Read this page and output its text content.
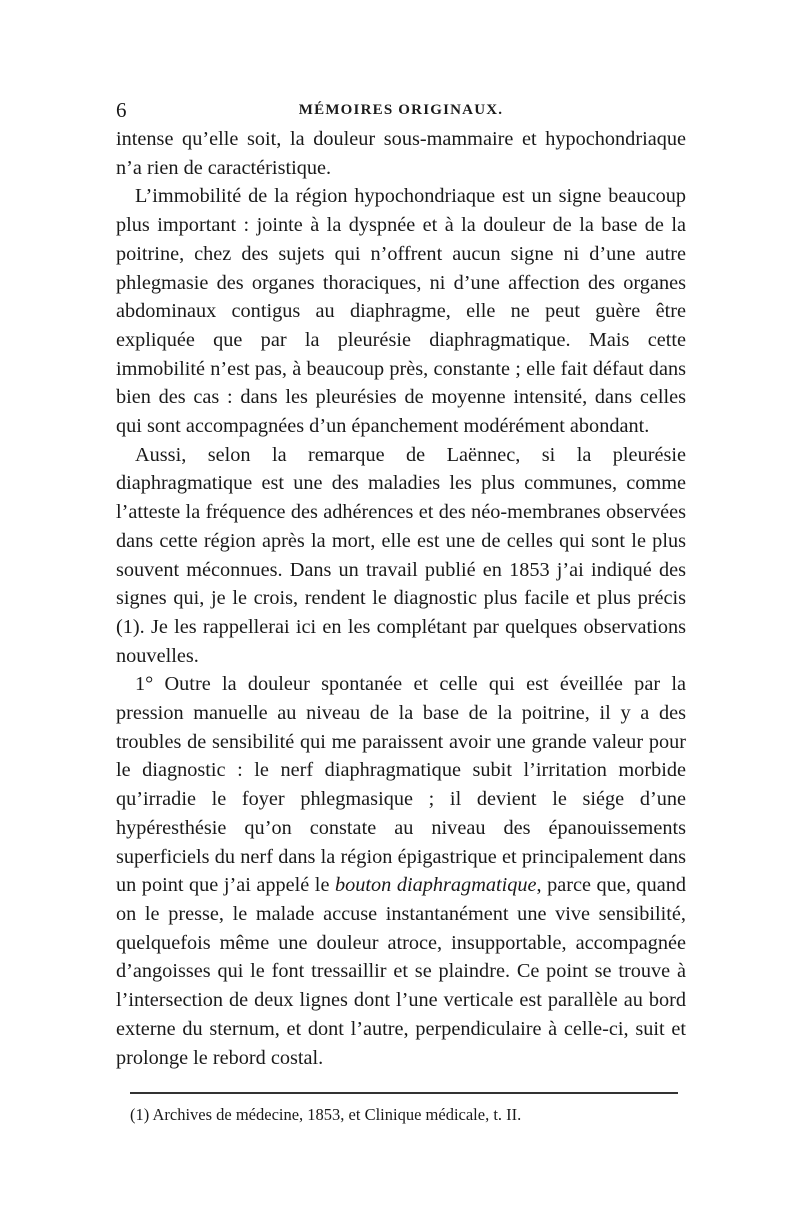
6	MÉMOIRES ORIGINAUX.

intense qu’elle soit, la douleur sous-mammaire et hypochondriaque n’a rien de caractéristique.

L’immobilité de la région hypochondriaque est un signe beaucoup plus important : jointe à la dyspnée et à la douleur de la base de la poitrine, chez des sujets qui n’offrent aucun signe ni d’une autre phlegmasie des organes thoraciques, ni d’une affection des organes abdominaux contigus au diaphragme, elle ne peut guère être expliquée que par la pleurésie diaphragmatique. Mais cette immobilité n’est pas, à beaucoup près, constante ; elle fait défaut dans bien des cas : dans les pleurésies de moyenne intensité, dans celles qui sont accompagnées d’un épanchement modérément abondant.

Aussi, selon la remarque de Laënnec, si la pleurésie diaphragmatique est une des maladies les plus communes, comme l’atteste la fréquence des adhérences et des néo-membranes observées dans cette région après la mort, elle est une de celles qui sont le plus souvent méconnues. Dans un travail publié en 1853 j’ai indiqué des signes qui, je le crois, rendent le diagnostic plus facile et plus précis (1). Je les rappellerai ici en les complétant par quelques observations nouvelles.

1° Outre la douleur spontanée et celle qui est éveillée par la pression manuelle au niveau de la base de la poitrine, il y a des troubles de sensibilité qui me paraissent avoir une grande valeur pour le diagnostic : le nerf diaphragmatique subit l’irritation morbide qu’irradie le foyer phlegmasique ; il devient le siége d’une hypéresthésie qu’on constate au niveau des épanouissements superficiels du nerf dans la région épigastrique et principalement dans un point que j’ai appelé le bouton diaphragmatique, parce que, quand on le presse, le malade accuse instantanément une vive sensibilité, quelquefois même une douleur atroce, insupportable, accompagnée d’angoisses qui le font tressaillir et se plaindre. Ce point se trouve à l’intersection de deux lignes dont l’une verticale est parallèle au bord externe du sternum, et dont l’autre, perpendiculaire à celle-ci, suit et prolonge le rebord costal.

(1) Archives de médecine, 1853, et Clinique médicale, t. II.
